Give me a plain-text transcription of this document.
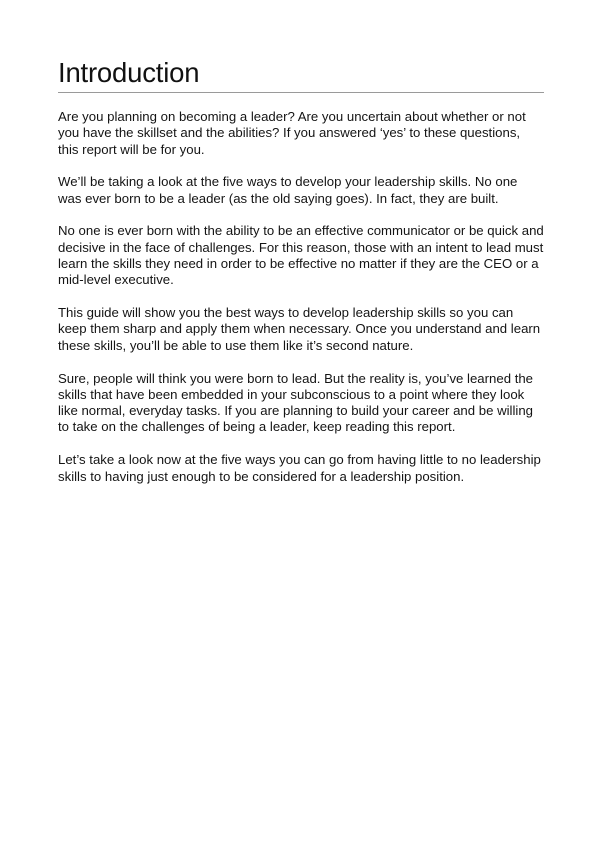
Introduction

Are you planning on becoming a leader? Are you uncertain about whether or not you have the skillset and the abilities? If you answered ‘yes’ to these questions, this report will be for you.

We’ll be taking a look at the five ways to develop your leadership skills. No one was ever born to be a leader (as the old saying goes). In fact, they are built.

No one is ever born with the ability to be an effective communicator or be quick and decisive in the face of challenges. For this reason, those with an intent to lead must learn the skills they need in order to be effective no matter if they are the CEO or a mid-level executive.

This guide will show you the best ways to develop leadership skills so you can keep them sharp and apply them when necessary. Once you understand and learn these skills, you’ll be able to use them like it’s second nature.

Sure, people will think you were born to lead. But the reality is, you’ve learned the skills that have been embedded in your subconscious to a point where they look like normal, everyday tasks. If you are planning to build your career and be willing to take on the challenges of being a leader, keep reading this report.

Let’s take a look now at the five ways you can go from having little to no leadership skills to having just enough to be considered for a leadership position.
